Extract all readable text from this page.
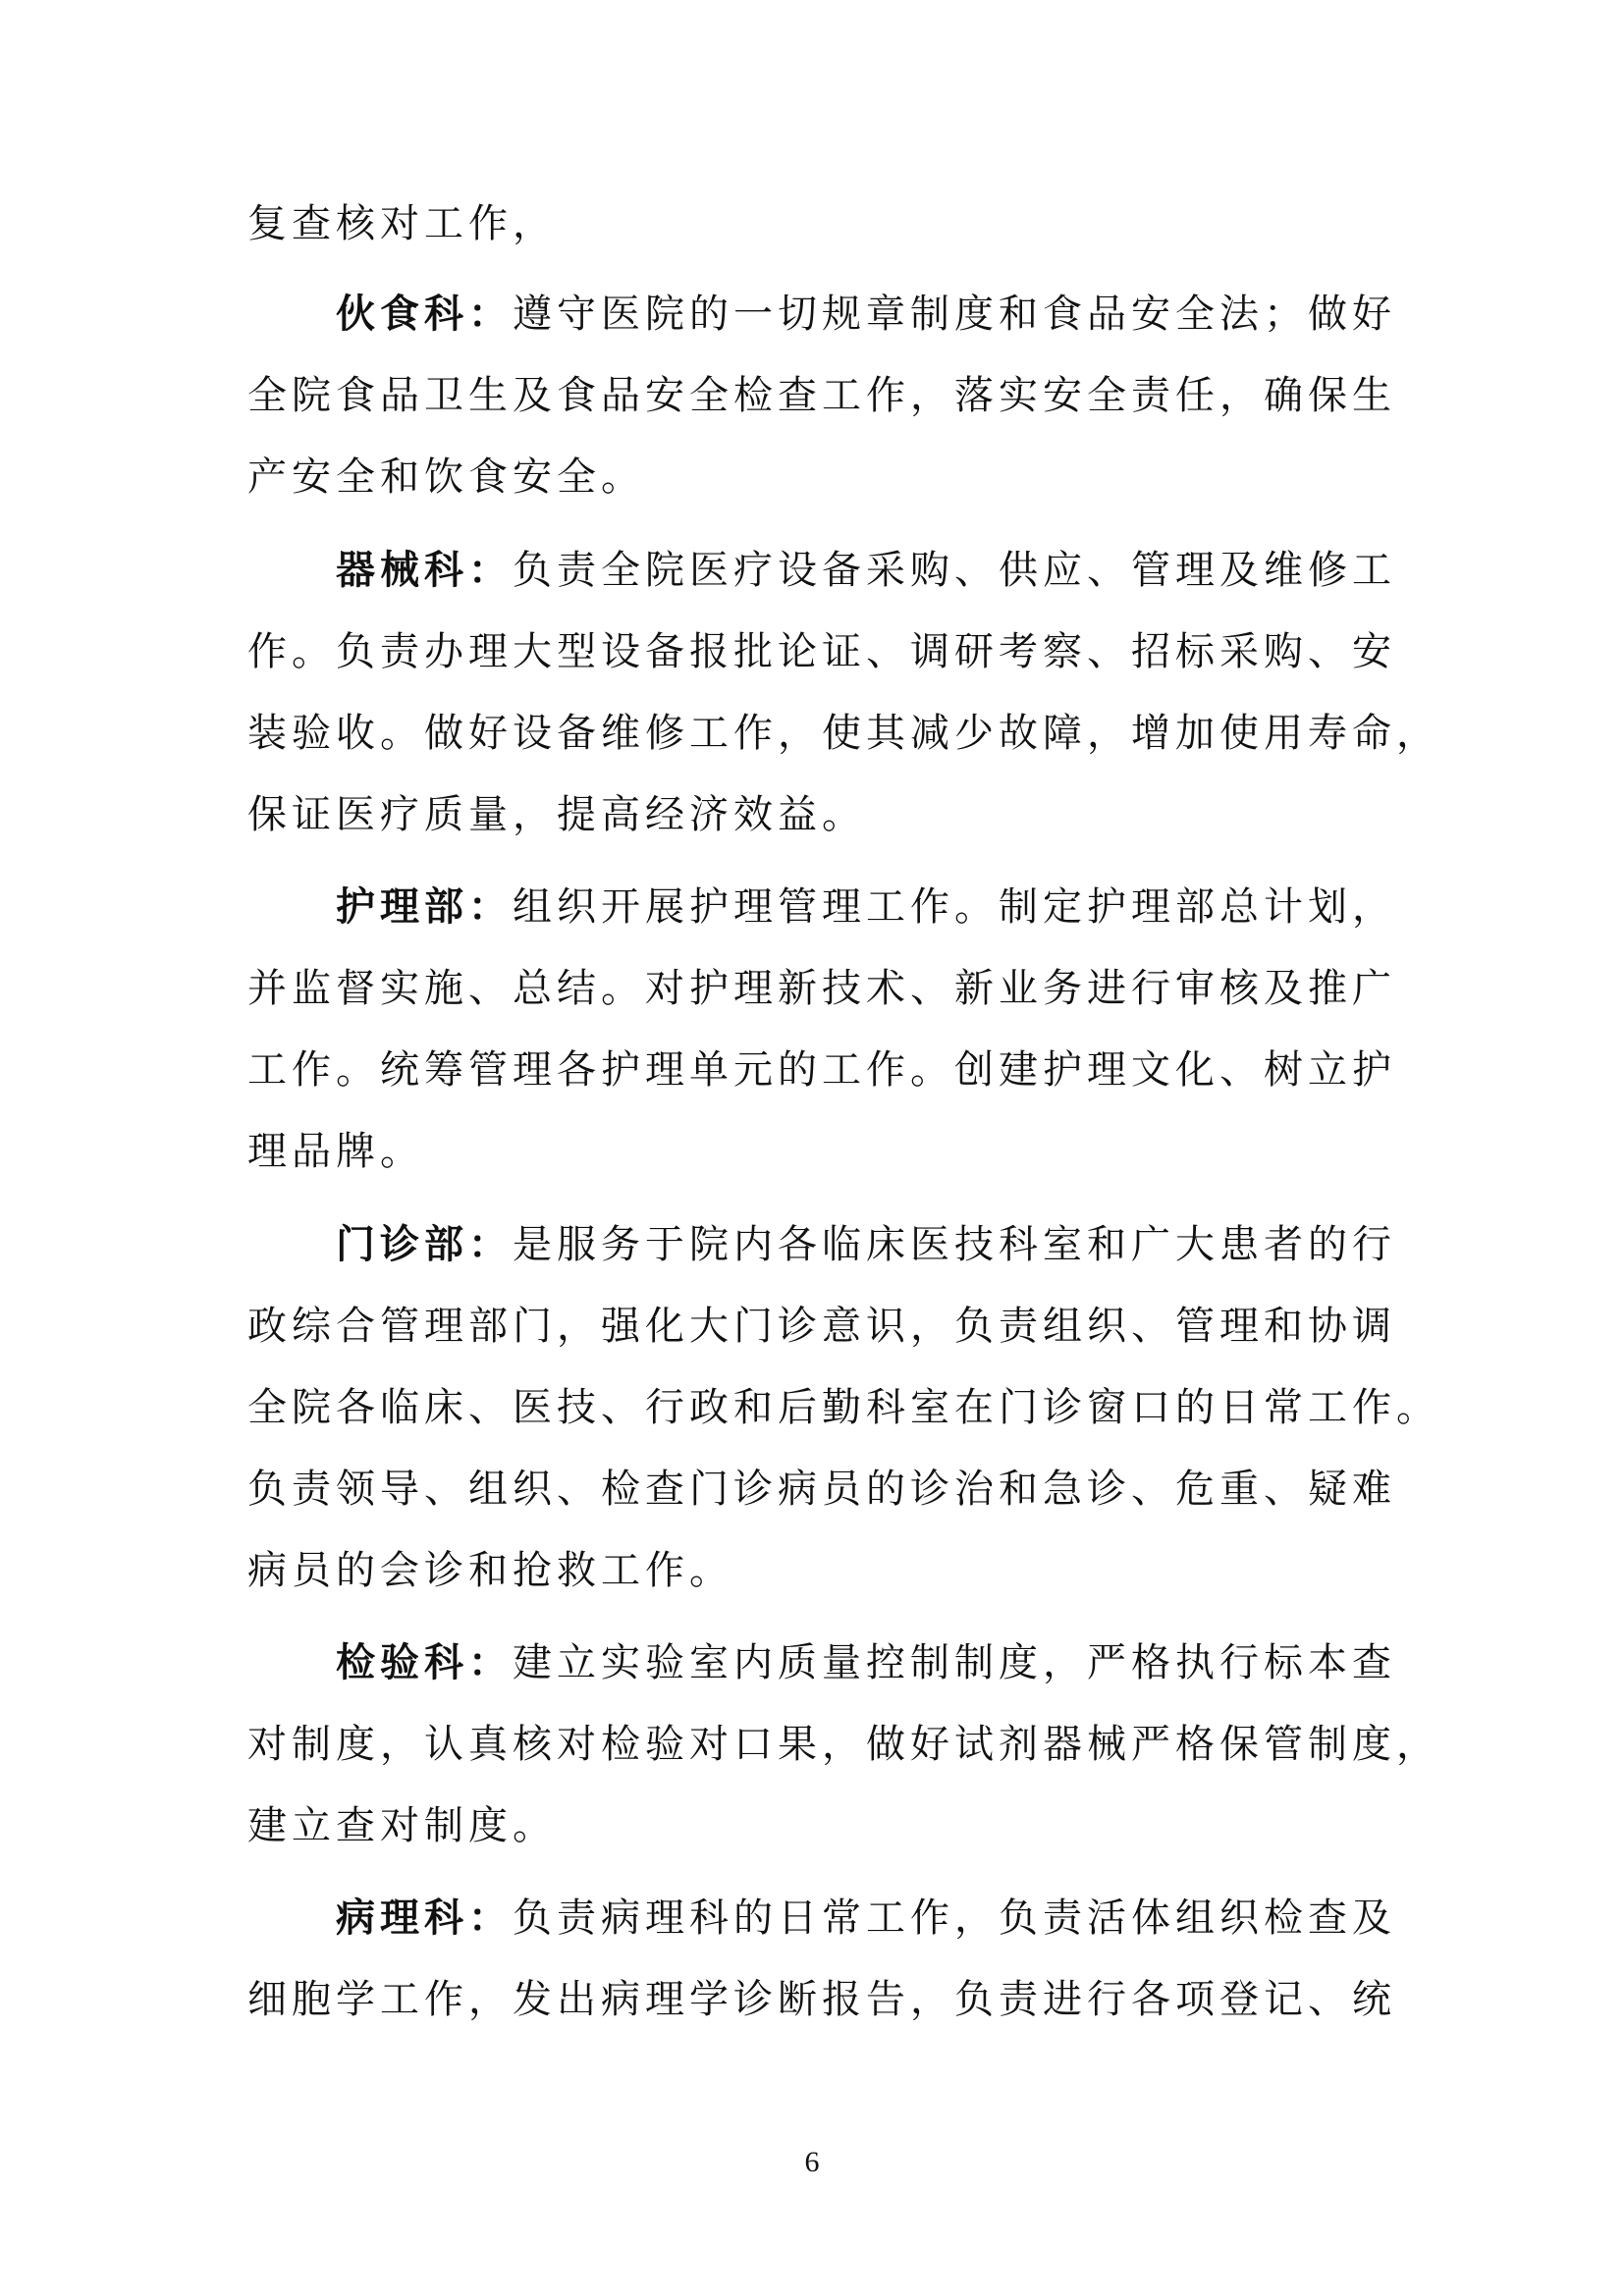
复查核对工作，
伙食科：遵守医院的一切规章制度和食品安全法；做好
全院食品卫生及食品安全检查工作，落实安全责任，确保生
产安全和饮食安全。
器械科：负责全院医疗设备采购、供应、管理及维修工
作。负责办理大型设备报批论证、调研考察、招标采购、安
装验收。做好设备维修工作，使其减少故障，增加使用寿命，
保证医疗质量，提高经济效益。
护理部：组织开展护理管理工作。制定护理部总计划，
并监督实施、总结。对护理新技术、新业务进行审核及推广
工作。统筹管理各护理单元的工作。创建护理文化、树立护
理品牌。
门诊部：是服务于院内各临床医技科室和广大患者的行
政综合管理部门，强化大门诊意识，负责组织、管理和协调
全院各临床、医技、行政和后勤科室在门诊窗口的日常工作。
负责领导、组织、检查门诊病员的诊治和急诊、危重、疑难
病员的会诊和抢救工作。
检验科：建立实验室内质量控制制度，严格执行标本查
对制度，认真核对检验对口果，做好试剂器械严格保管制度，
建立查对制度。
病理科：负责病理科的日常工作，负责活体组织检查及
细胞学工作，发出病理学诊断报告，负责进行各项登记、统
6
